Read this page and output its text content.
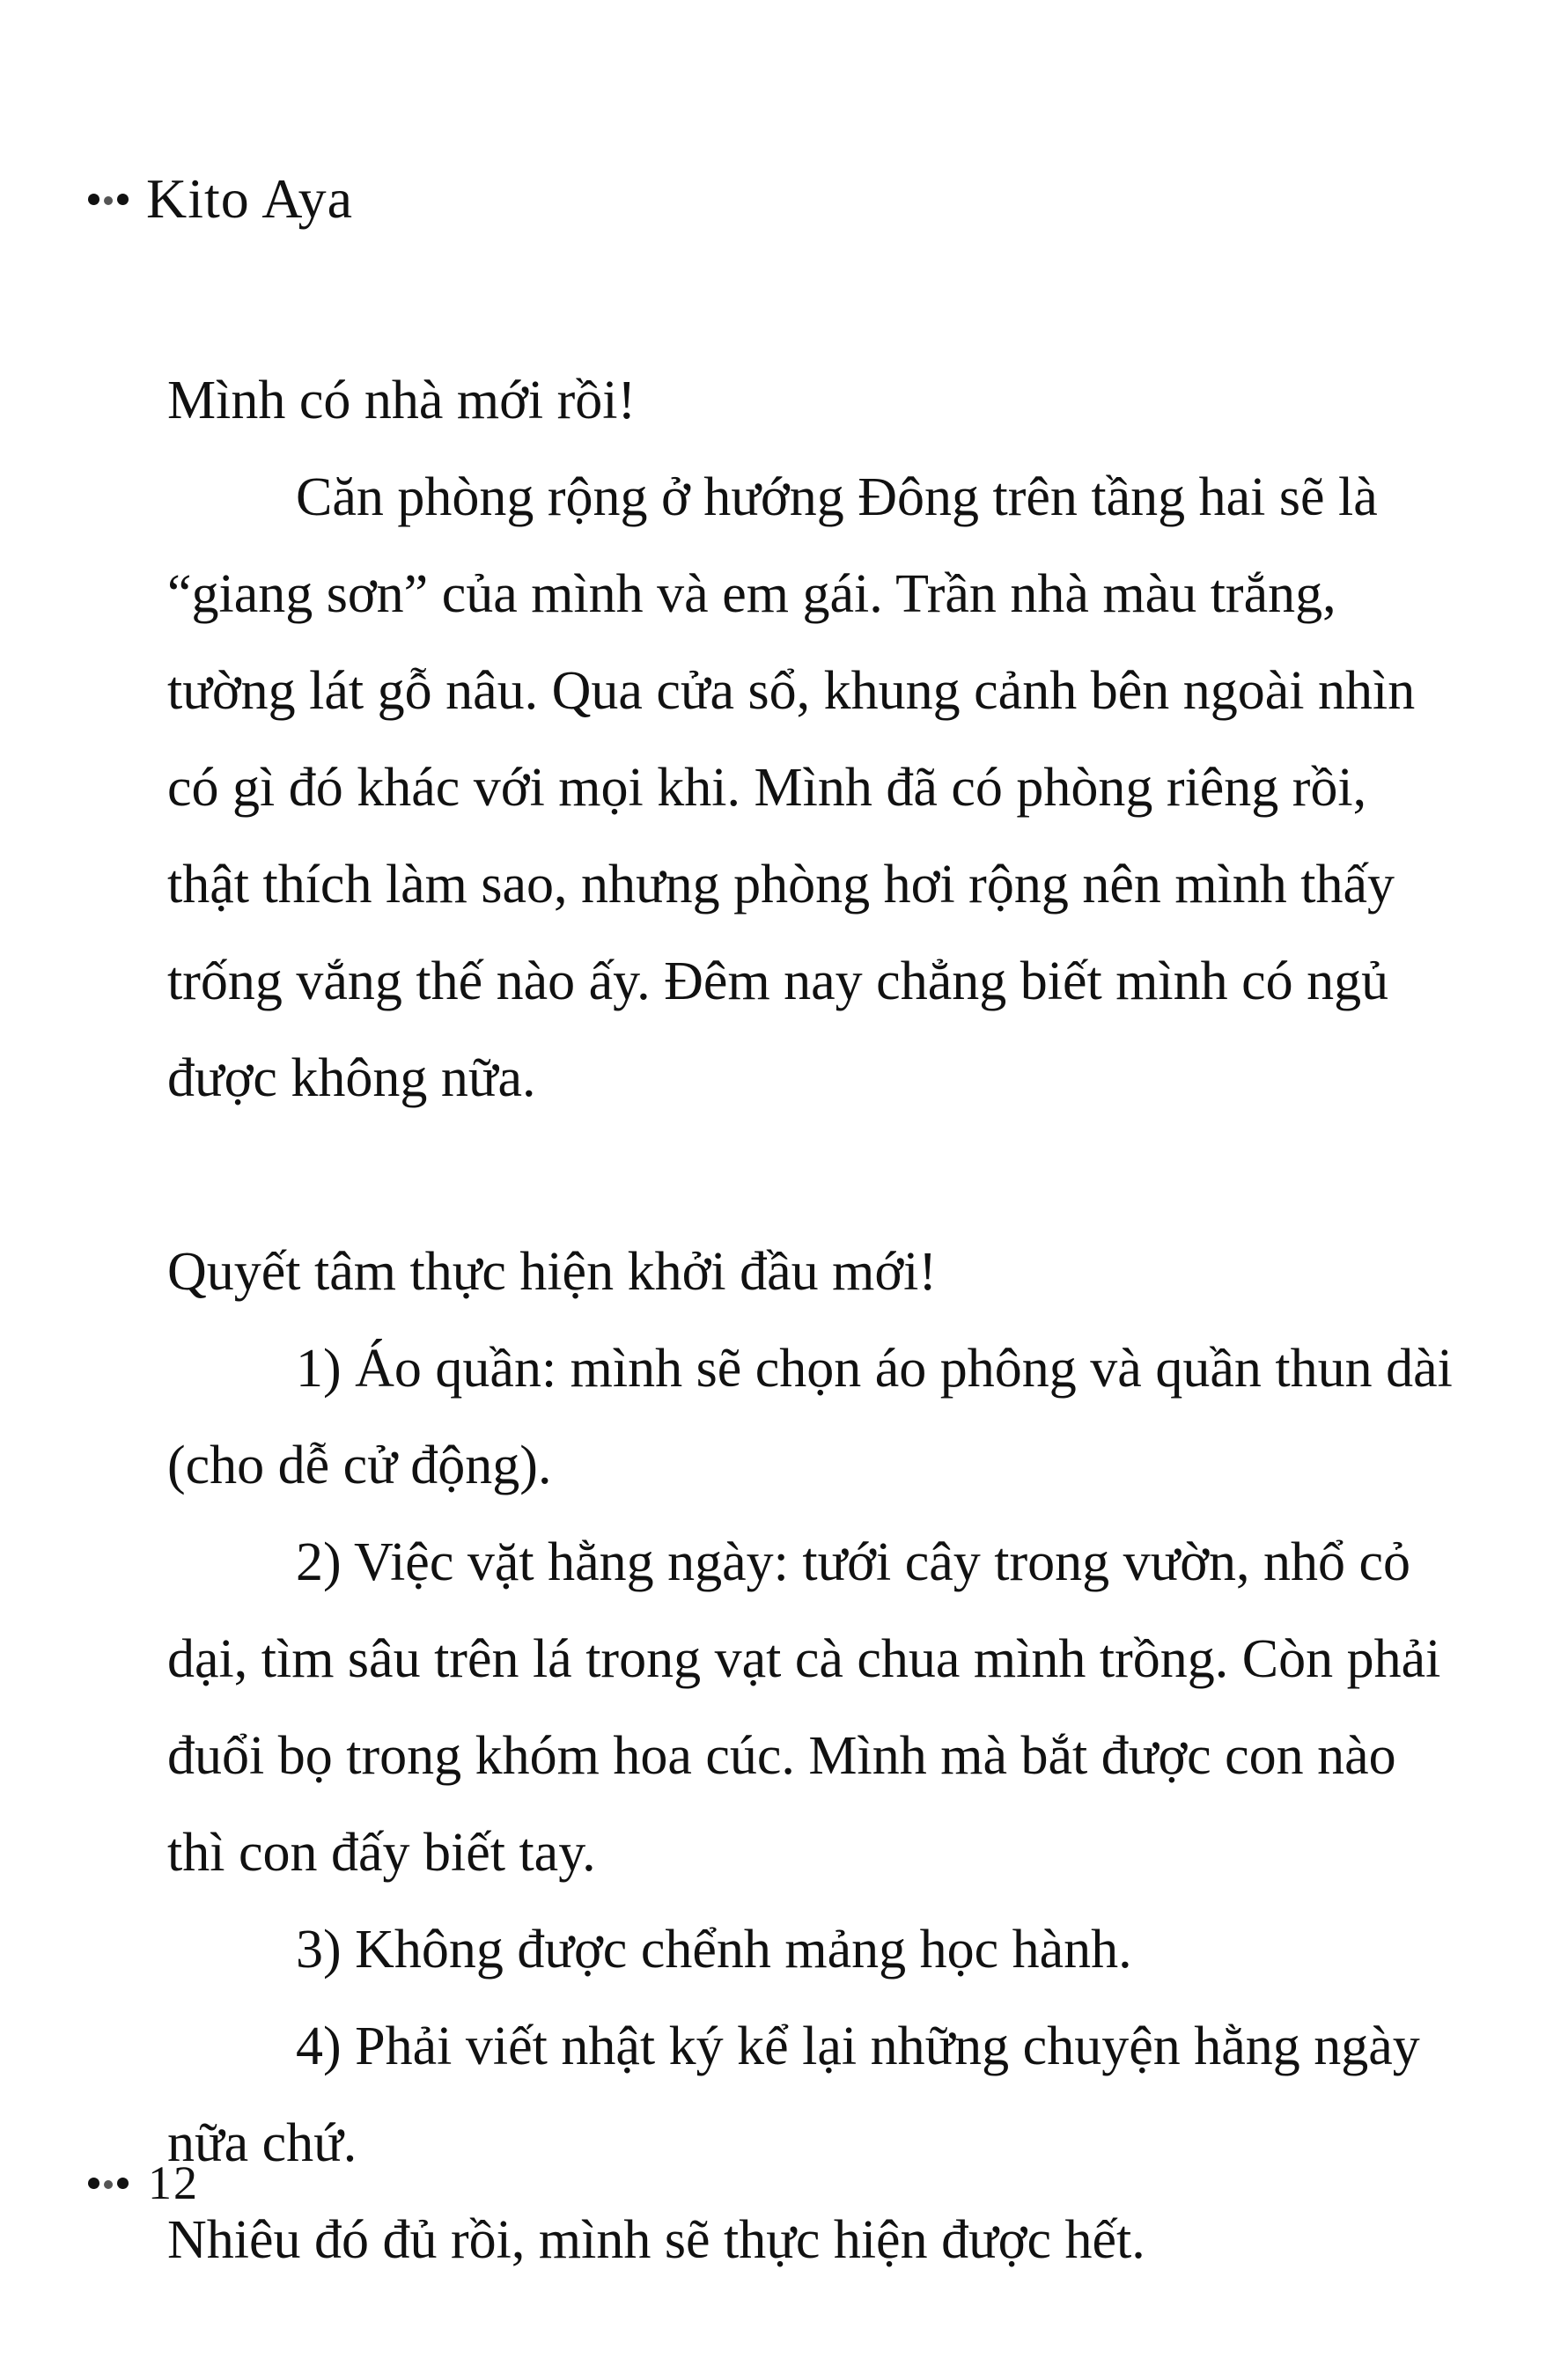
Kito Aya

Mình có nhà mới rồi!

Căn phòng rộng ở hướng Đông trên tầng hai sẽ là “giang sơn” của mình và em gái. Trần nhà màu trắng, tường lát gỗ nâu. Qua cửa sổ, khung cảnh bên ngoài nhìn có gì đó khác với mọi khi. Mình đã có phòng riêng rồi, thật thích làm sao, nhưng phòng hơi rộng nên mình thấy trống vắng thế nào ấy. Đêm nay chẳng biết mình có ngủ được không nữa.

Quyết tâm thực hiện khởi đầu mới!

1) Áo quần: mình sẽ chọn áo phông và quần thun dài (cho dễ cử động).

2) Việc vặt hằng ngày: tưới cây trong vườn, nhổ cỏ dại, tìm sâu trên lá trong vạt cà chua mình trồng. Còn phải đuổi bọ trong khóm hoa cúc. Mình mà bắt được con nào thì con đấy biết tay.

3) Không được chểnh mảng học hành.

4) Phải viết nhật ký kể lại những chuyện hằng ngày nữa chứ.

Nhiêu đó đủ rồi, mình sẽ thực hiện được hết.

12
